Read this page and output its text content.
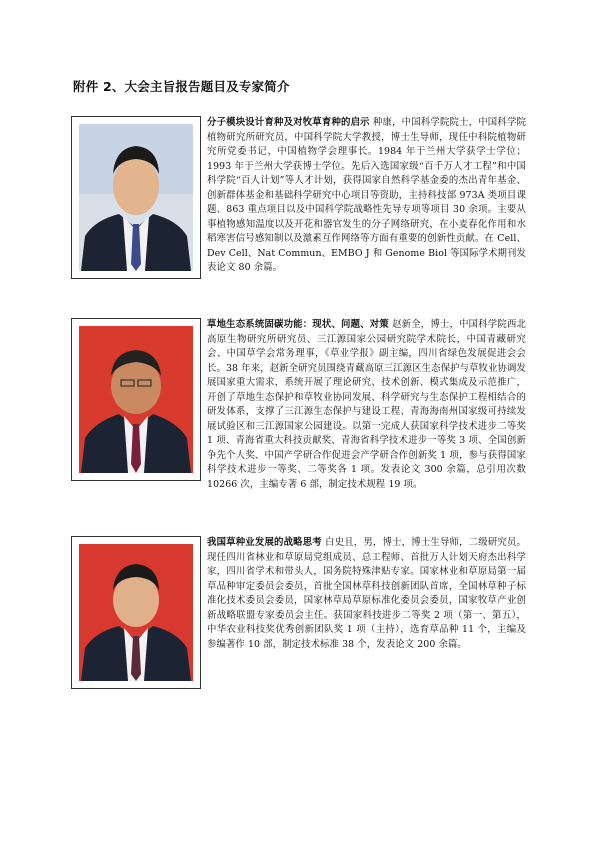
附件 2、大会主旨报告题目及专家简介

分子模块设计育种及对牧草育种的启示 种康，中国科学院院士，中国科学院植物研究所研究员，中国科学院大学教授，博士生导师，现任中科院植物研究所党委书记、中国植物学会理事长。1984 年于兰州大学获学士学位；1993 年于兰州大学获博士学位。先后入选国家级“百千万人才工程”和中国科学院“百人计划”等人才计划，获得国家自然科学基金委的杰出青年基金、创新群体基金和基础科学研究中心项目等资助，主持科技部 973A 类项目课题、863 重点项目以及中国科学院战略性先导专项等项目 30 余项。主要从事植物感知温度以及开花和器官发生的分子网络研究，在小麦春化作用和水稻寒害信号感知制以及激素互作网络等方面有重要的创新性贡献。在 Cell、Dev Cell、Nat Commun、EMBO J 和 Genome Biol 等国际学术期刊发表论文 80 余篇。

草地生态系统固碳功能：现状、问题、对策 赵新全，博士，中国科学院西北高原生物研究所研究员、三江源国家公园研究院学术院长，中国青藏研究会、中国草学会常务理事，《草业学报》副主编，四川省绿色发展促进会会长。38 年来，赵新全研究员围绕青藏高原三江源区生态保护与草牧业协调发展国家重大需求，系统开展了理论研究、技术创新、模式集成及示范推广，开创了草地生态保护和草牧业协同发展、科学研究与生态保护工程相结合的研发体系，支撑了三江源生态保护与建设工程、青海海南州国家级可持续发展试验区和三江源国家公园建设。以第一完成人获国家科学技术进步二等奖 1 项、青海省重大科技贡献奖、青海省科学技术进步一等奖 3 项、全国创新争先个人奖、中国产学研合作促进会产学研合作创新奖 1 项，参与获得国家科学技术进步一等奖、二等奖各 1 项。发表论文 300 余篇，总引用次数 10266 次，主编专著 6 部，制定技术规程 19 项。

我国草种业发展的战略思考 白史且，男，博士，博士生导师，二级研究员。现任四川省林业和草原局党组成员、总工程师、首批万人计划天府杰出科学家，四川省学术和带头人，国务院特殊津贴专家。国家林业和草原局第一届草品种审定委员会委员，首批全国林草科技创新团队首席，全国林草种子标准化技术委员会委员，国家林草局草原标准化委员会委员，国家牧草产业创新战略联盟专家委员会主任。获国家科技进步二等奖 2 项（第一、第五），中华农业科技奖优秀创新团队奖 1 项（主持），选育草品种 11 个，主编及参编著作 10 部，制定技术标准 38 个，发表论文 200 余篇。
